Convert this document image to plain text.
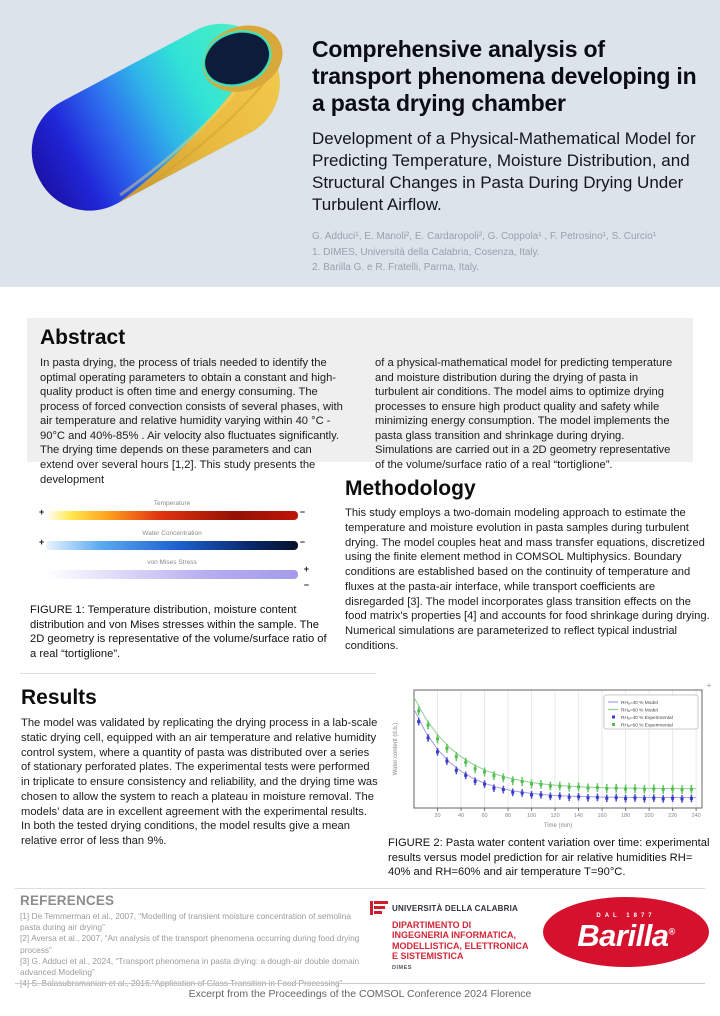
Comprehensive analysis of transport phenomena developing in a pasta drying chamber
Development of a Physical-Mathematical Model for Predicting Temperature, Moisture Distribution, and Structural Changes in Pasta During Drying Under Turbulent Airflow.
G. Adduci¹, E. Manoli², E. Cardaropoli², G. Coppola¹ , F. Petrosino¹, S. Curcio¹
1. DIMES, Università della Calabria, Cosenza, Italy.
2. Barilla G. e R. Fratelli, Parma, Italy.
Abstract
In pasta drying, the process of trials needed to identify the optimal operating parameters to obtain a constant and high-quality product is often time and energy consuming. The process of forced convection consists of several phases, with air temperature and relative humidity varying within 40 °C - 90°C and 40%-85% . Air velocity also fluctuates significantly. The drying time depends on these parameters and can extend over several hours [1,2]. This study presents the development
of a physical-mathematical model for predicting temperature and moisture distribution during the drying of pasta in turbulent air conditions. The model aims to optimize drying processes to ensure high product quality and safety while minimizing energy consumption. The model implements the pasta glass transition and shrinkage during drying. Simulations are carried out in a 2D geometry representative of the volume/surface ratio of a real “tortiglione”.
Temperature
+	−
Water Concentration
+	−
von Mises Stress
+
−
FIGURE 1: Temperature distribution, moisture content distribution and von Mises stresses within the sample. The 2D geometry is representative of the volume/surface ratio of a real “tortiglione”.
Methodology
This study employs a two-domain modeling approach to estimate the temperature and moisture evolution in pasta samples during turbulent drying. The model couples heat and mass transfer equations, discretized using the finite element method in COMSOL Multiphysics. Boundary conditions are established based on the continuity of temperature and fluxes at the pasta-air interface, while transport coefficients are disregarded [3]. The model incorporates glass transition effects on the food matrix's properties [4] and accounts for food shrinkage during drying. Numerical simulations are parameterized to reflect typical industrial conditions.
Results
The model was validated by replicating the drying process in a lab-scale static drying cell, equipped with an air temperature and relative humidity control system, where a quantity of pasta was distributed over a series of stationary perforated plates. The experimental tests were performed in triplicate to ensure consistency and reliability, and the drying time was chosen to allow the system to reach a plateau in moisture removal. The models’ data are in excellent agreement with the experimental results. In both the tested drying conditions, the model results give a mean relative error of less than 9%.
20	40	60	80	100	120	140	160	180	200	220	240
Water content (d.b.)
Time (min)
RHₐ=40 % Model
RHₐ=60 % Model
RHₐ=40 % Experimental
RHₐ=60 % Experimental
+
FIGURE 2: Pasta water content variation over time: experimental results versus model prediction for air relative humidities RH= 40% and RH=60% and air temperature T=90°C.
REFERENCES
[1] De Temmerman et al., 2007, “Modelling of transient moisture concentration of semolina pasta during air drying”
[2] Aversa et al., 2007, “An analysis of the transport phenomena occurring during food drying process”
[3] G. Adduci et al., 2024, “Transport phenomena in pasta drying: a dough-air double domain advanced Modeling”
[4] S. Balasubramanian et al., 2016,“Application of Glass Transition in Food Processing”
UNIVERSITÀ DELLA CALABRIA
DIPARTIMENTO DI
INGEGNERIA INFORMATICA,
MODELLISTICA, ELETTRONICA
E SISTEMISTICA
DIMES
DAL 1877
Barilla®
Excerpt from the Proceedings of the COMSOL Conference 2024 Florence
